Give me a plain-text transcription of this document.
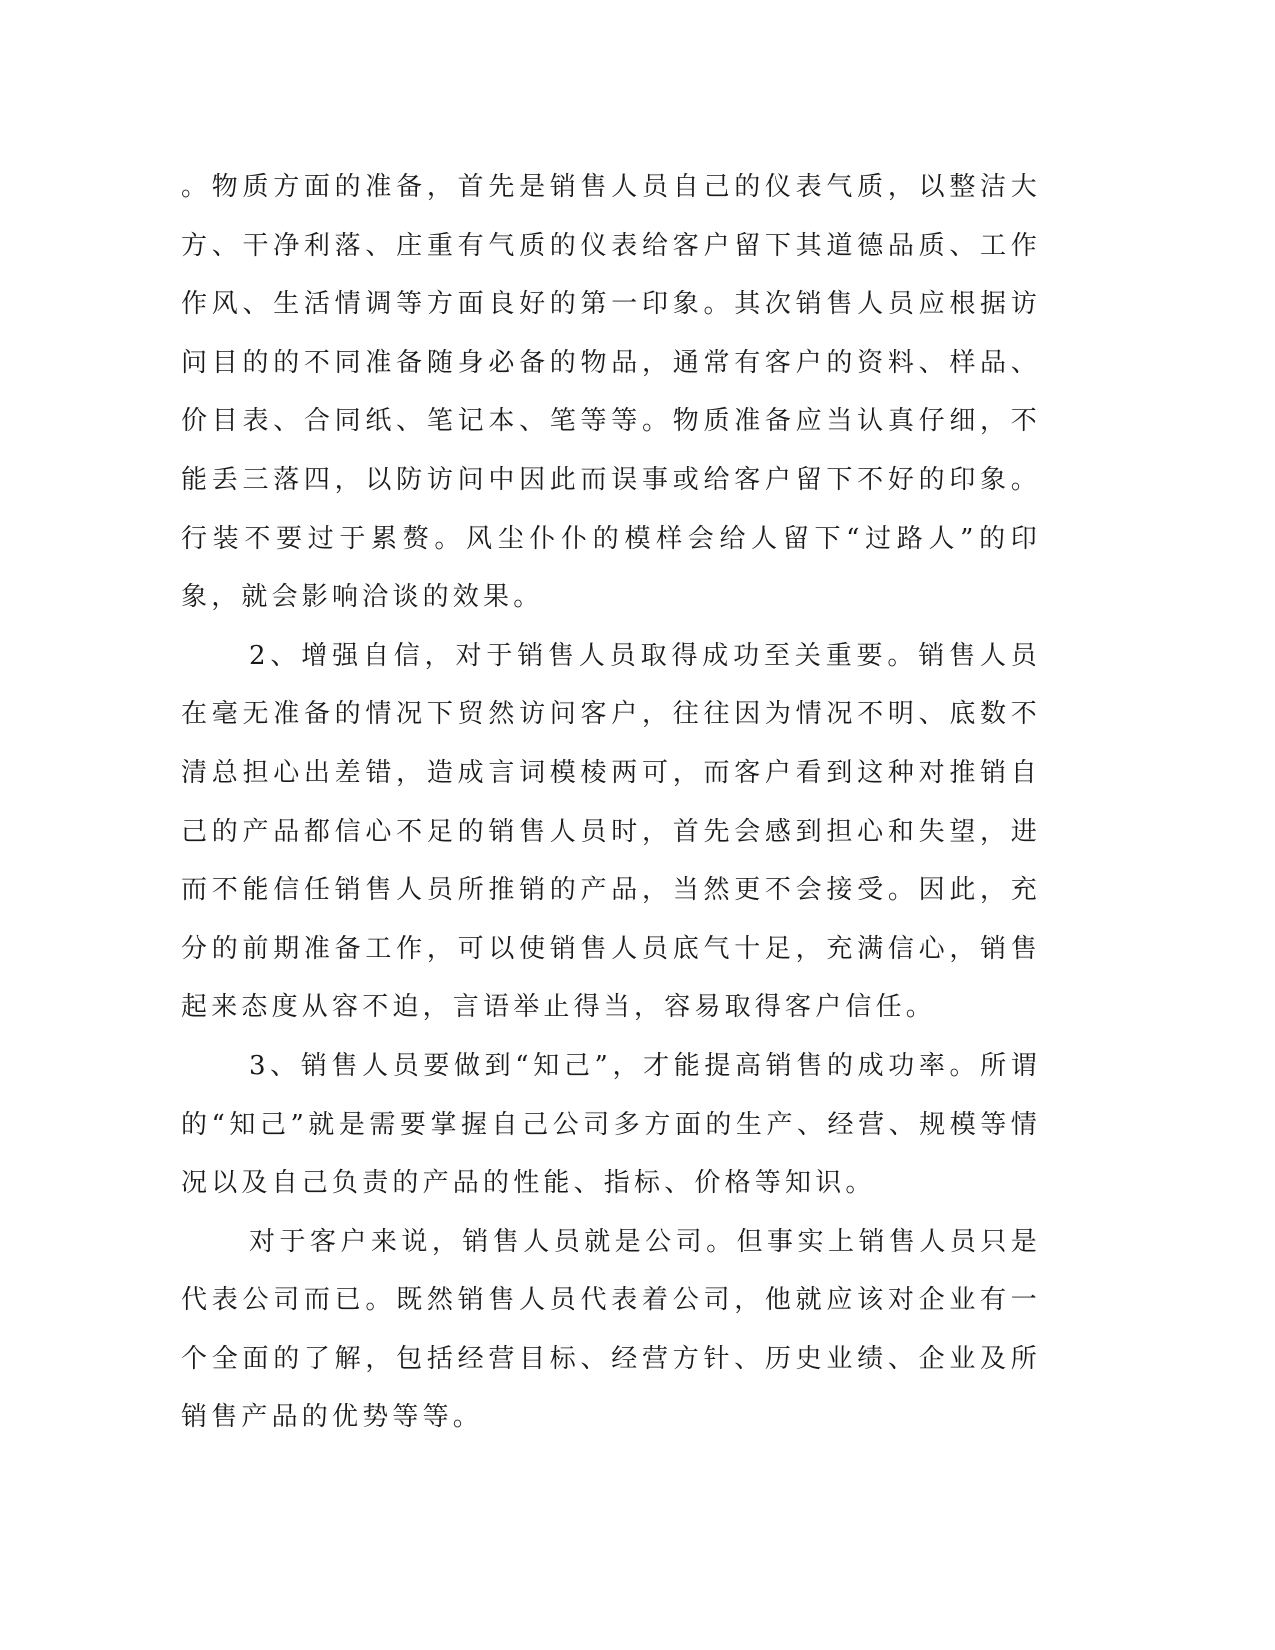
。物质方面的准备，首先是销售人员自己的仪表气质，以整洁大方、干净利落、庄重有气质的仪表给客户留下其道德品质、工作作风、生活情调等方面良好的第一印象。其次销售人员应根据访问目的的不同准备随身必备的物品，通常有客户的资料、样品、价目表、合同纸、笔记本、笔等等。物质准备应当认真仔细，不能丢三落四，以防访问中因此而误事或给客户留下不好的印象。行装不要过于累赘。风尘仆仆的模样会给人留下“过路人”的印象，就会影响洽谈的效果。

2、增强自信，对于销售人员取得成功至关重要。销售人员在毫无准备的情况下贸然访问客户，往往因为情况不明、底数不清总担心出差错，造成言词模棱两可，而客户看到这种对推销自己的产品都信心不足的销售人员时，首先会感到担心和失望，进而不能信任销售人员所推销的产品，当然更不会接受。因此，充分的前期准备工作，可以使销售人员底气十足，充满信心，销售起来态度从容不迫，言语举止得当，容易取得客户信任。

3、销售人员要做到“知己”，才能提高销售的成功率。所谓的“知己”就是需要掌握自己公司多方面的生产、经营、规模等情况以及自己负责的产品的性能、指标、价格等知识。

对于客户来说，销售人员就是公司。但事实上销售人员只是代表公司而已。既然销售人员代表着公司，他就应该对企业有一个全面的了解，包括经营目标、经营方针、历史业绩、企业及所销售产品的优势等等。
